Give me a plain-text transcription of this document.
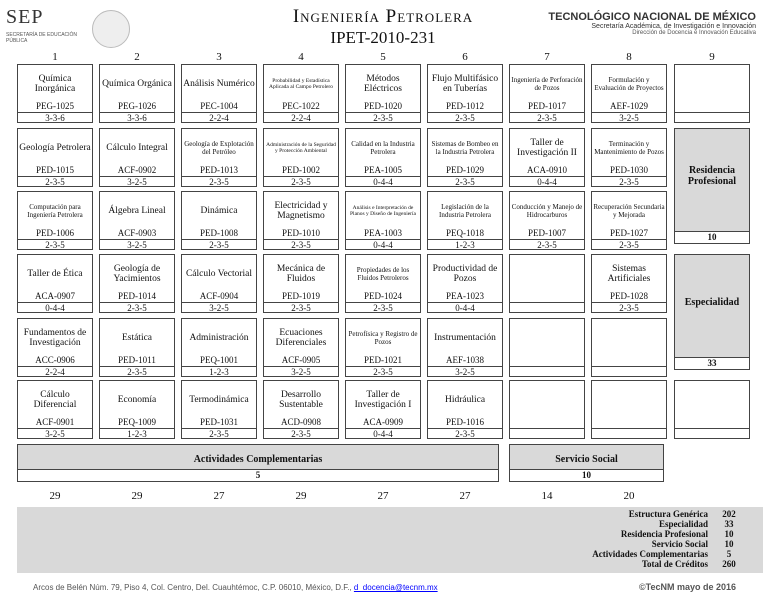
SEP
SECRETARÍA DE EDUCACIÓN PÚBLICA
Ingeniería Petrolera
IPET-2010-231
TECNOLÓGICO NACIONAL DE MÉXICO
Secretaría Académica, de Investigación e Innovación
Dirección de Docencia e Innovación Educativa
1	2	3	4	5	6	7	8	9
Química Inorgánica
PEG-1025
3-3-6
Química Orgánica
PEG-1026
3-3-6
Análisis Numérico
PEC-1004
2-2-4
Probabilidad y Estadística Aplicada al Campo Petrolero
PEC-1022
2-2-4
Métodos Eléctricos
PED-1020
2-3-5
Flujo Multifásico en Tuberías
PED-1012
2-3-5
Ingeniería de Perforación de Pozos
PED-1017
2-3-5
Formulación y Evaluación de Proyectos
AEF-1029
3-2-5
Geología Petrolera
PED-1015
2-3-5
Cálculo Integral
ACF-0902
3-2-5
Geología de Explotación del Petróleo
PED-1013
2-3-5
Administración de la Seguridad y Protección Ambiental
PED-1002
2-3-5
Calidad en la Industria Petrolera
PEA-1005
0-4-4
Sistemas de Bombeo en la Industria Petrolera
PED-1029
2-3-5
Taller de Investigación II
ACA-0910
0-4-4
Terminación y Mantenimiento de Pozos
PED-1030
2-3-5
Computación para Ingeniería Petrolera
PED-1006
2-3-5
Álgebra Lineal
ACF-0903
3-2-5
Dinámica
PED-1008
2-3-5
Electricidad y Magnetismo
PED-1010
2-3-5
Análisis e Interpretación de Planos y Diseño de Ingeniería
PEA-1003
0-4-4
Legislación de la Industria Petrolera
PEQ-1018
1-2-3
Conducción y Manejo de Hidrocarburos
PED-1007
2-3-5
Recuperación Secundaria y Mejorada
PED-1027
2-3-5
Taller de Ética
ACA-0907
0-4-4
Geología de Yacimientos
PED-1014
2-3-5
Cálculo Vectorial
ACF-0904
3-2-5
Mecánica de Fluidos
PED-1019
2-3-5
Propiedades de los Fluidos Petroleros
PED-1024
2-3-5
Productividad de Pozos
PEA-1023
0-4-4
Sistemas Artificiales
PED-1028
2-3-5
Fundamentos de Investigación
ACC-0906
2-2-4
Estática
PED-1011
2-3-5
Administración
PEQ-1001
1-2-3
Ecuaciones Diferenciales
ACF-0905
3-2-5
Petrofísica y Registro de Pozos
PED-1021
2-3-5
Instrumentación
AEF-1038
3-2-5
Cálculo Diferencial
ACF-0901
3-2-5
Economía
PEQ-1009
1-2-3
Termodinámica
PED-1031
2-3-5
Desarrollo Sustentable
ACD-0908
2-3-5
Taller de Investigación I
ACA-0909
0-4-4
Hidráulica
PED-1016
2-3-5
Residencia Profesional
10
Especialidad
33
Actividades Complementarias
5
Servicio Social
10
29	29	27	29	27	27	14	20
Estructura Genérica	202
Especialidad	33
Residencia Profesional	10
Servicio Social	10
Actividades Complementarias	5
Total de Créditos	260
Arcos de Belén Núm. 79, Piso 4, Col. Centro, Del. Cuauhtémoc, C.P. 06010, México, D.F., d_docencia@tecnm.mx	©TecNM mayo de 2016
